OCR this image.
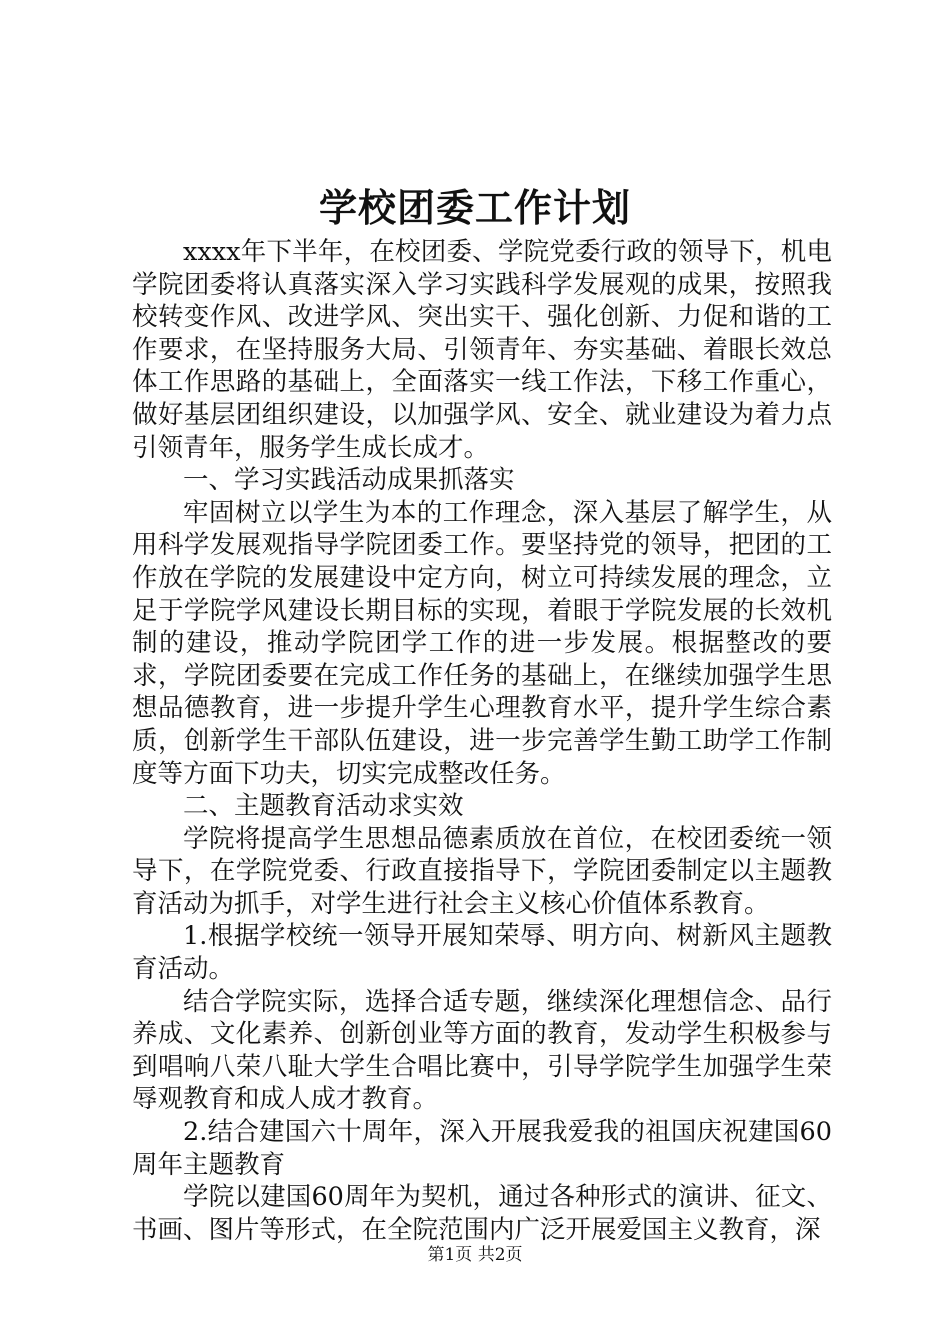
学校团委工作计划

xxxx年下半年，在校团委、学院党委行政的领导下，机电学院团委将认真落实深入学习实践科学发展观的成果，按照我校转变作风、改进学风、突出实干、强化创新、力促和谐的工作要求，在坚持服务大局、引领青年、夯实基础、着眼长效总体工作思路的基础上，全面落实一线工作法，下移工作重心，做好基层团组织建设，以加强学风、安全、就业建设为着力点引领青年，服务学生成长成才。

一、学习实践活动成果抓落实

牢固树立以学生为本的工作理念，深入基层了解学生，从用科学发展观指导学院团委工作。要坚持党的领导，把团的工作放在学院的发展建设中定方向，树立可持续发展的理念，立足于学院学风建设长期目标的实现，着眼于学院发展的长效机制的建设，推动学院团学工作的进一步发展。根据整改的要求，学院团委要在完成工作任务的基础上，在继续加强学生思想品德教育，进一步提升学生心理教育水平，提升学生综合素质，创新学生干部队伍建设，进一步完善学生勤工助学工作制度等方面下功夫，切实完成整改任务。

二、主题教育活动求实效

学院将提高学生思想品德素质放在首位，在校团委统一领导下，在学院党委、行政直接指导下，学院团委制定以主题教育活动为抓手，对学生进行社会主义核心价值体系教育。

1.根据学校统一领导开展知荣辱、明方向、树新风主题教育活动。

结合学院实际，选择合适专题，继续深化理想信念、品行养成、文化素养、创新创业等方面的教育，发动学生积极参与到唱响八荣八耻大学生合唱比赛中，引导学院学生加强学生荣辱观教育和成人成才教育。

2.结合建国六十周年，深入开展我爱我的祖国庆祝建国60周年主题教育

学院以建国60周年为契机，通过各种形式的演讲、征文、书画、图片等形式，在全院范围内广泛开展爱国主义教育，深

第1页 共2页
